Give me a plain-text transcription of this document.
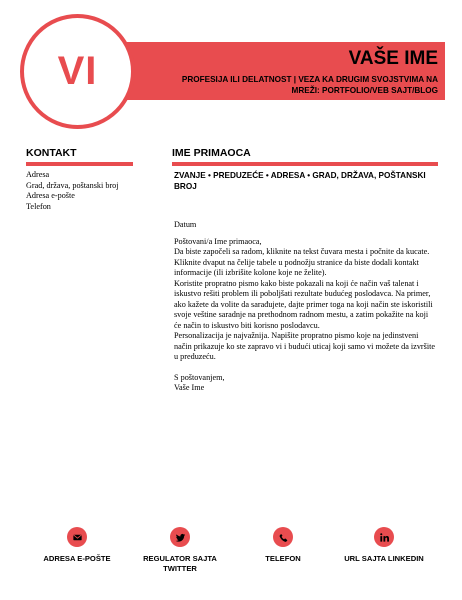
VI	VAŠE IME
PROFESIJA ILI DELATNOST | VEZA KA DRUGIM SVOJSTVIMA NA MREŽI: PORTFOLIO/VEB SAJT/BLOG
KONTAKT
Adresa
Grad, država, poštanski broj
Adresa e-pošte
Telefon
IME PRIMAOCA
ZVANJE • PREDUZEĆE • ADRESA • GRAD, DRŽAVA, POŠTANSKI BROJ
Datum
Poštovani/a Ime primaoca,
Da biste započeli sa radom, kliknite na tekst čuvara mesta i počnite da kucate. Kliknite dvaput na čelije tabele u podnožju stranice da biste dodali kontakt informacije (ili izbrišite kolone koje ne želite).
Koristite propratno pismo kako biste pokazali na koji će način vaš talenat i iskustvo rešiti problem ili poboljšati rezultate budućeg poslodavca. Na primer, ako kažete da volite da sarađujete, dajte primer toga na koji način ste iskoristili svoje veštine saradnje na prethodnom radnom mestu, a zatim pokažite na koji će način to iskustvo biti korisno poslodavcu.
Personalizacija je najvažnija. Napišite propratno pismo koje na jedinstveni način prikazuje ko ste zapravo vi i budući uticaj koji samo vi možete da izvršite u preduzeću.
S poštovanjem,
Vaše Ime
ADRESA E-POŠTE	REGULATOR SAJTA TWITTER
TELEFON	URL SAJTA LINKEDIN
